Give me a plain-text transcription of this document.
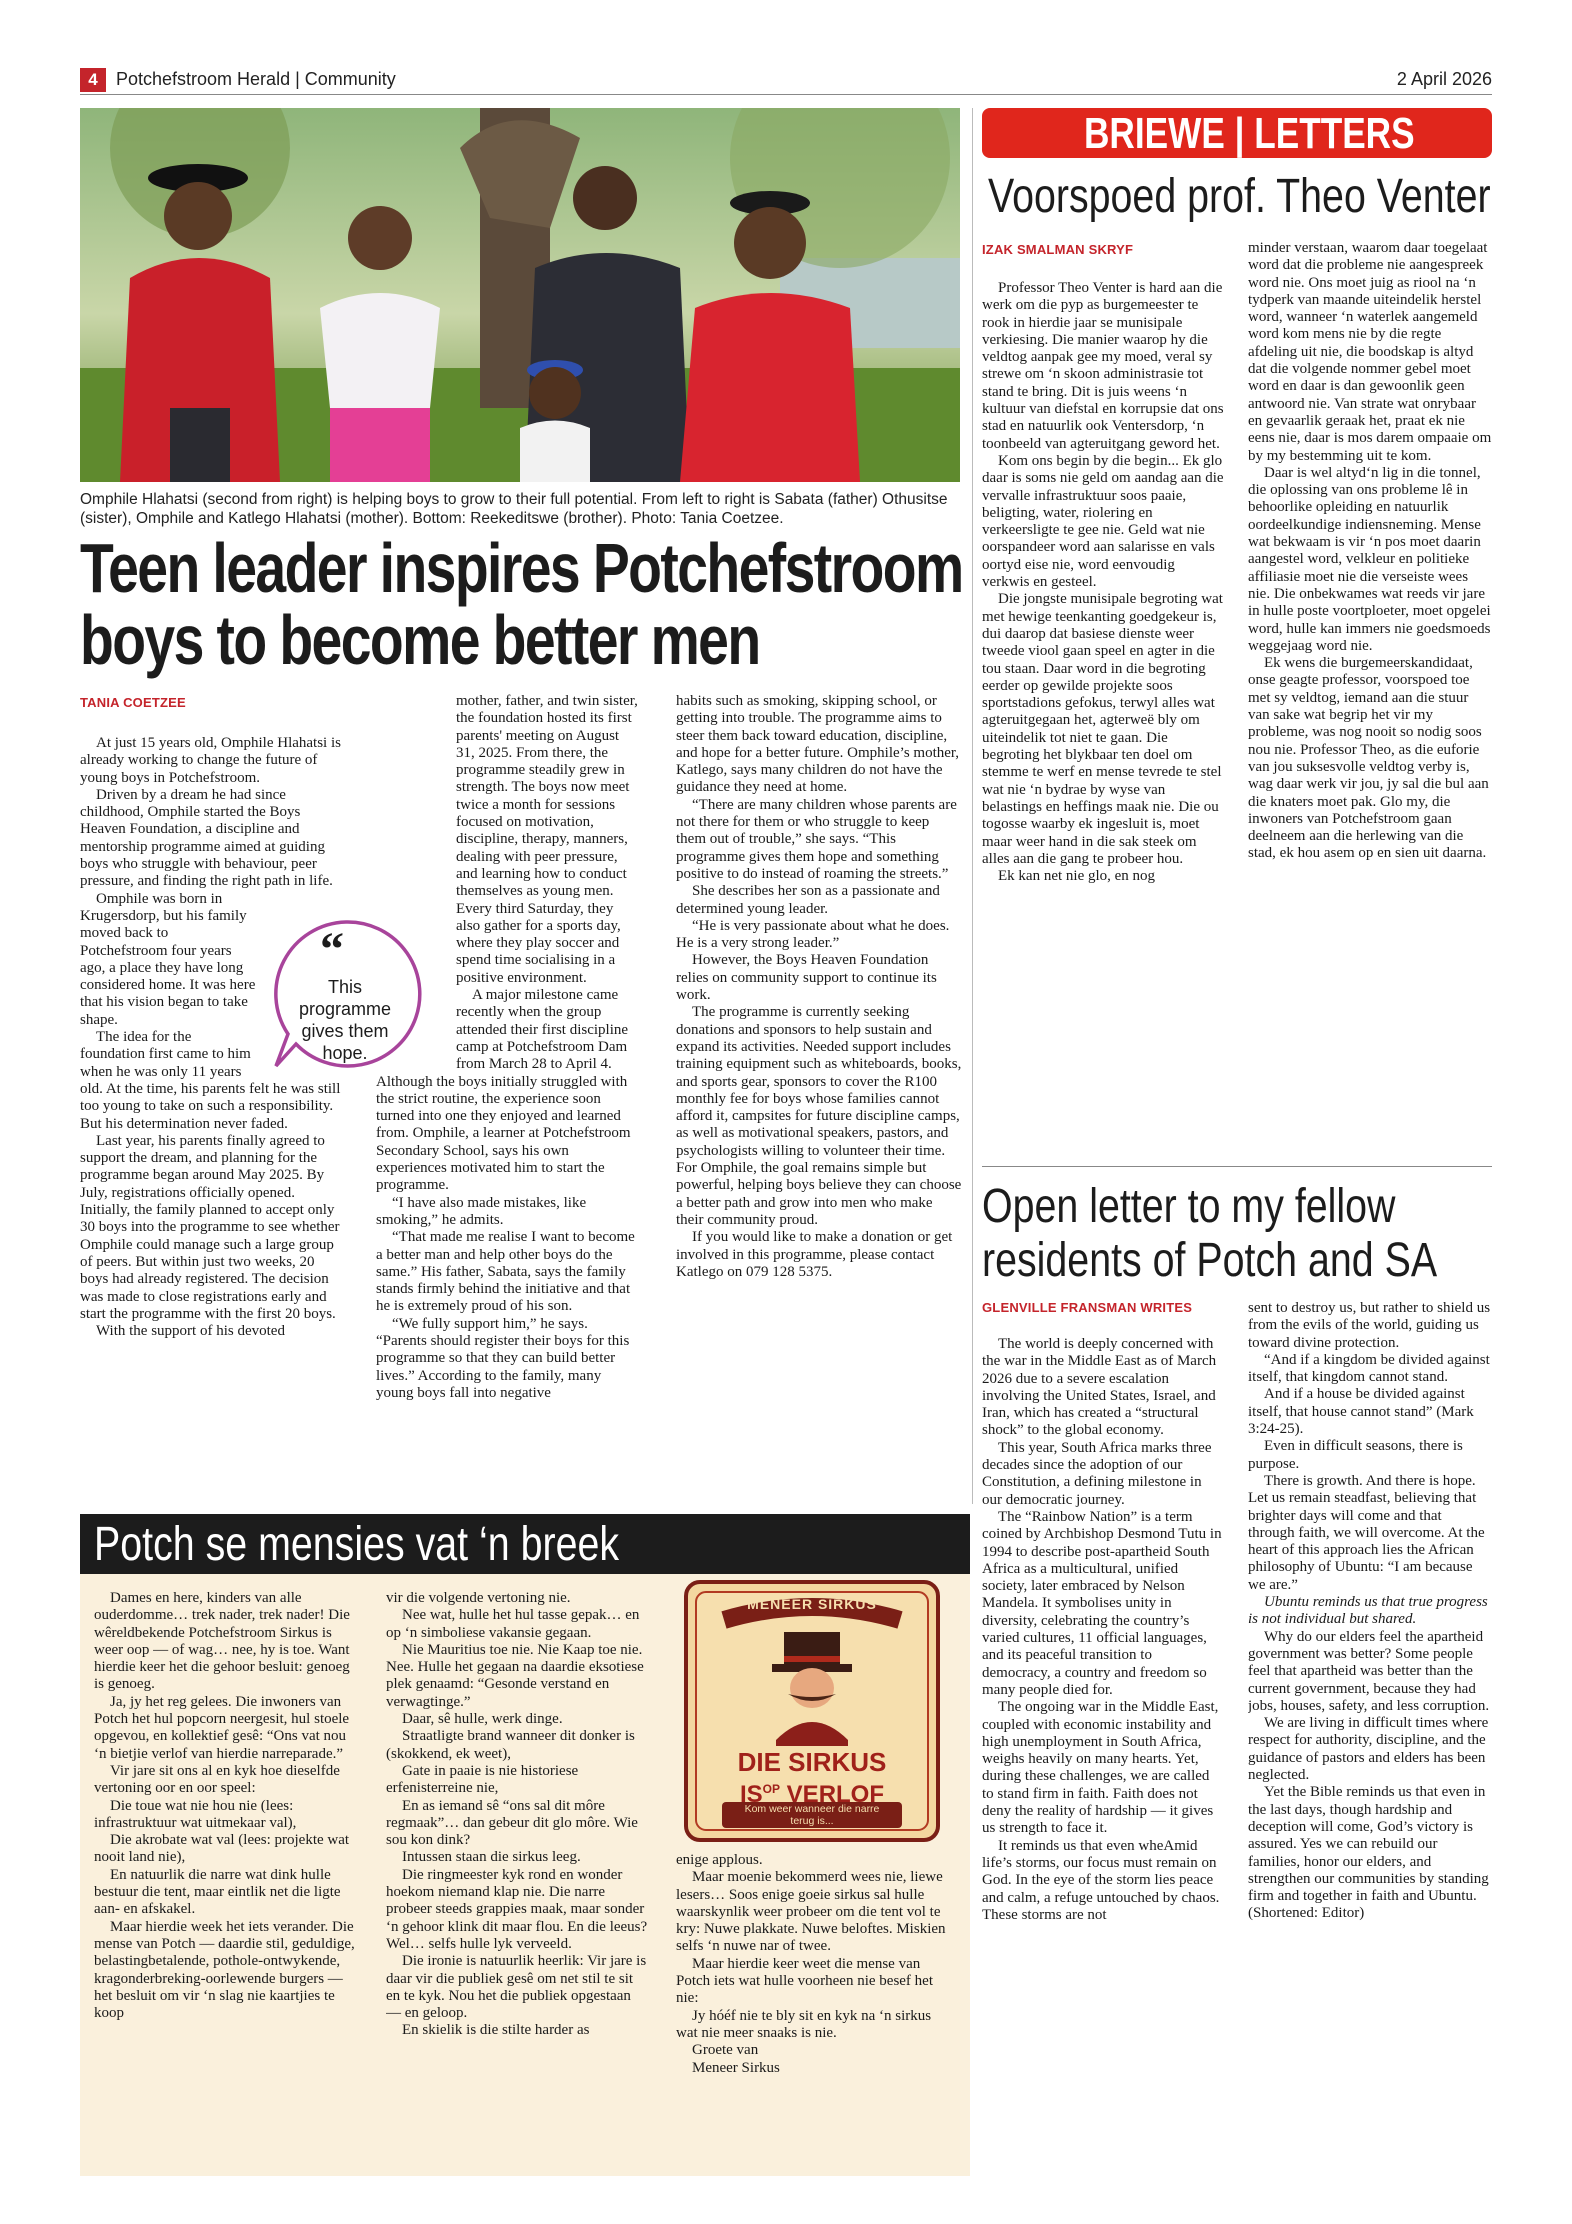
4	Potchefstroom Herald | Community	2 April 2026
Omphile Hlahatsi (second from right) is helping boys to grow to their full potential. From left to right is Sabata (father) Othusitse (sister), Omphile and Katlego Hlahatsi (mother). Bottom: Reekeditswe (brother). Photo: Tania Coetzee.
Teen leader inspires Potchefstroom
boys to become better men
TANIA COETZEE

At just 15 years old, Omphile Hlahatsi is already working to change the future of young boys in Potchefstroom.

Driven by a dream he had since childhood, Omphile started the Boys Heaven Foundation, a discipline and mentorship programme aimed at guiding boys who struggle with behaviour, peer pressure, and finding the right path in life.

Omphile was born in Krugersdorp, but his family moved back to Potchefstroom four years ago, a place they have long considered home. It was here that his vision began to take shape.

The idea for the foundation first came to him when he was only 11 years old. At the time, his parents felt he was still too young to take on such a responsibility. But his determination never faded.

Last year, his parents finally agreed to support the dream, and planning for the programme began around May 2025. By July, registrations officially opened. Initially, the family planned to accept only 30 boys into the programme to see whether Omphile could manage such a large group of peers. But within just two weeks, 20 boys had already registered. The decision was made to close registrations early and start the programme with the first 20 boys.

With the support of his devoted

mother, father, and twin sister, the foundation hosted its first parents' meeting on August 31, 2025. From there, the programme steadily grew in strength. The boys now meet twice a month for sessions focused on motivation, discipline, therapy, manners, dealing with peer pressure, and learning how to conduct themselves as young men. Every third Saturday, they also gather for a sports day, where they play soccer and spend time socialising in a positive environment.

A major milestone came recently when the group attended their first discipline camp at Potchefstroom Dam from March 28 to April 4. Although the boys initially struggled with the strict routine, the experience soon turned into one they enjoyed and learned from. Omphile, a learner at Potchefstroom Secondary School, says his own experiences motivated him to start the programme.

“I have also made mistakes, like smoking,” he admits.

“That made me realise I want to become a better man and help other boys do the same.” His father, Sabata, says the family stands firmly behind the initiative and that he is extremely proud of his son.

“We fully support him,” he says. “Parents should register their boys for this programme so that they can build better lives.” According to the family, many young boys fall into negative

habits such as smoking, skipping school, or getting into trouble. The programme aims to steer them back toward education, discipline, and hope for a better future. Omphile’s mother, Katlego, says many children do not have the guidance they need at home.

“There are many children whose parents are not there for them or who struggle to keep them out of trouble,” she says. “This programme gives them hope and something positive to do instead of roaming the streets.”

She describes her son as a passionate and determined young leader.

“He is very passionate about what he does. He is a very strong leader.”

However, the Boys Heaven Foundation relies on community support to continue its work.

The programme is currently seeking donations and sponsors to help sustain and expand its activities. Needed support includes training equipment such as whiteboards, books, and sports gear, sponsors to cover the R100 monthly fee for boys whose families cannot afford it, campsites for future discipline camps, as well as motivational speakers, pastors, and psychologists willing to volunteer their time. For Omphile, the goal remains simple but powerful, helping boys believe they can choose a better path and grow into men who make their community proud.

If you would like to make a donation or get involved in this programme, please contact Katlego on 079 128 5375.

“
This programme gives them hope.
BRIEWE | LETTERS
Voorspoed prof. Theo Venter
IZAK SMALMAN SKRYF

Professor Theo Venter is hard aan die werk om die pyp as burgemeester te rook in hierdie jaar se munisipale verkiesing. Die manier waarop hy die veldtog aanpak gee my moed, veral sy strewe om ‘n skoon administrasie tot stand te bring. Dit is juis weens ‘n kultuur van diefstal en korrupsie dat ons stad en natuurlik ook Ventersdorp, ‘n toonbeeld van agteruitgang geword het.

Kom ons begin by die begin... Ek glo daar is soms nie geld om aandag aan die vervalle infrastruktuur soos paaie, beligting, water, riolering en verkeersligte te gee nie. Geld wat nie oorspandeer word aan salarisse en vals oortyd eise nie, word eenvoudig verkwis en gesteel.

Die jongste munisipale begroting wat met hewige teenkanting goedgekeur is, dui daarop dat basiese dienste weer tweede viool gaan speel en agter in die tou staan. Daar word in die begroting eerder op gewilde projekte soos sportstadions gefokus, terwyl alles wat agteruitgegaan het, agterweë bly om uiteindelik tot niet te gaan. Die begroting het blykbaar ten doel om stemme te werf en mense tevrede te stel wat nie ‘n bydrae by wyse van belastings en heffings maak nie. Die ou togosse waarby ek ingesluit is, moet maar weer hand in die sak steek om alles aan die gang te probeer hou.

Ek kan net nie glo, en nog

minder verstaan, waarom daar toegelaat word dat die probleme nie aangespreek word nie. Ons moet juig as riool na ‘n tydperk van maande uiteindelik herstel word, wanneer ‘n waterlek aangemeld word kom mens nie by die regte afdeling uit nie, die boodskap is altyd dat die volgende nommer gebel moet word en daar is dan gewoonlik geen antwoord nie. Van strate wat onrybaar en gevaarlik geraak het, praat ek nie eens nie, daar is mos darem ompaaie om by my bestemming uit te kom.

Daar is wel altyd‘n lig in die tonnel, die oplossing van ons probleme lê in behoorlike opleiding en natuurlik oordeelkundige indiensneming. Mense wat bekwaam is vir ‘n pos moet daarin aangestel word, velkleur en politieke affiliasie moet nie die verseiste wees nie. Die onbekwames wat reeds vir jare in hulle poste voortploeter, moet opgelei word, hulle kan immers nie goedsmoeds weggejaag word nie.

Ek wens die burgemeerskandidaat, onse geagte professor, voorspoed toe met sy veldtog, iemand aan die stuur van sake wat begrip het vir my probleme, was nog nooit so nodig soos nou nie. Professor Theo, as die euforie van jou suksesvolle veldtog verby is, wag daar werk vir jou, jy sal die bul aan die knaters moet pak. Glo my, die inwoners van Potchefstroom gaan deelneem aan die herlewing van die stad, ek hou asem op en sien uit daarna.

Open letter to my fellow
residents of Potch and SA
GLENVILLE FRANSMAN WRITES

The world is deeply concerned with the war in the Middle East as of March 2026 due to a severe escalation involving the United States, Israel, and Iran, which has created a “structural shock” to the global economy.

This year, South Africa marks three decades since the adoption of our Constitution, a defining milestone in our democratic journey.

The “Rainbow Nation” is a term coined by Archbishop Desmond Tutu in 1994 to describe post-apartheid South Africa as a multicultural, unified society, later embraced by Nelson Mandela. It symbolises unity in diversity, celebrating the country’s varied cultures, 11 official languages, and its peaceful transition to democracy, a country and freedom so many people died for.

The ongoing war in the Middle East, coupled with economic instability and high unemployment in South Africa, weighs heavily on many hearts. Yet, during these challenges, we are called to stand firm in faith. Faith does not deny the reality of hardship — it gives us strength to face it.

It reminds us that even wheAmid life’s storms, our focus must remain on God. In the eye of the storm lies peace and calm, a refuge untouched by chaos. These storms are not

sent to destroy us, but rather to shield us from the evils of the world, guiding us toward divine protection.

“And if a kingdom be divided against itself, that kingdom cannot stand.

And if a house be divided against itself, that house cannot stand” (Mark 3:24-25).

Even in difficult seasons, there is purpose.

There is growth. And there is hope. Let us remain steadfast, believing that brighter days will come and that through faith, we will overcome. At the heart of this approach lies the African philosophy of Ubuntu: “I am because we are.”

Ubuntu reminds us that true progress is not individual but shared.

Why do our elders feel the apartheid government was better? Some people feel that apartheid was better than the current government, because they had jobs, houses, safety, and less corruption.

We are living in difficult times where respect for authority, discipline, and the guidance of pastors and elders has been neglected.

Yet the Bible reminds us that even in the last days, though hardship and deception will come, God’s victory is assured. Yes we can rebuild our families, honor our elders, and strengthen our communities by standing firm and together in faith and Ubuntu. (Shortened: Editor)

Potch se mensies vat ‘n breek

Dames en here, kinders van alle ouderdomme… trek nader, trek nader! Die wêreldbekende Potchefstroom Sirkus is weer oop — of wag… nee, hy is toe. Want hierdie keer het die gehoor besluit: genoeg is genoeg.

Ja, jy het reg gelees. Die inwoners van Potch het hul popcorn neergesit, hul stoele opgevou, en kollektief gesê: “Ons vat nou ‘n bietjie verlof van hierdie narreparade.”

Vir jare sit ons al en kyk hoe dieselfde vertoning oor en oor speel:

Die toue wat nie hou nie (lees: infrastruktuur wat uitmekaar val),

Die akrobate wat val (lees: projekte wat nooit land nie),

En natuurlik die narre wat dink hulle bestuur die tent, maar eintlik net die ligte aan- en afskakel.

Maar hierdie week het iets verander. Die mense van Potch — daardie stil, geduldige, belastingbetalende, pothole-ontwykende, kragonderbreking-oorlewende burgers — het besluit om vir ‘n slag nie kaartjies te koop

vir die volgende vertoning nie.

Nee wat, hulle het hul tasse gepak… en op ‘n simboliese vakansie gegaan.

Nie Mauritius toe nie. Nie Kaap toe nie. Nee. Hulle het gegaan na daardie eksotiese plek genaamd: “Gesonde verstand en verwagtinge.”

Daar, sê hulle, werk dinge.

Straatligte brand wanneer dit donker is (skokkend, ek weet),

Gate in paaie is nie historiese erfenisterreine nie,

En as iemand sê “ons sal dit môre regmaak”… dan gebeur dit glo môre. Wie sou kon dink?

Intussen staan die sirkus leeg.

Die ringmeester kyk rond en wonder hoekom niemand klap nie. Die narre probeer steeds grappies maak, maar sonder ‘n gehoor klink dit maar flou. En die leeus? Wel… selfs hulle lyk verveeld.

Die ironie is natuurlik heerlik: Vir jare is daar vir die publiek gesê om net stil te sit en te kyk. Nou het die publiek opgestaan — en geloop.

En skielik is die stilte harder as

enige applous.

Maar moenie bekommerd wees nie, liewe lesers… Soos enige goeie sirkus sal hulle waarskynlik weer probeer om die tent vol te kry: Nuwe plakkate. Nuwe beloftes. Miskien selfs ‘n nuwe nar of twee.

Maar hierdie keer weet die mense van Potch iets wat hulle voorheen nie besef het nie:

Jy hóéf nie te bly sit en kyk na ‘n sirkus wat nie meer snaaks is nie.

Groete van

Meneer Sirkus

MENEER SIRKUS
DIE SIRKUS
$IS^{OP}$ VERLOF
Kom weer wanneer die narre terug is...
